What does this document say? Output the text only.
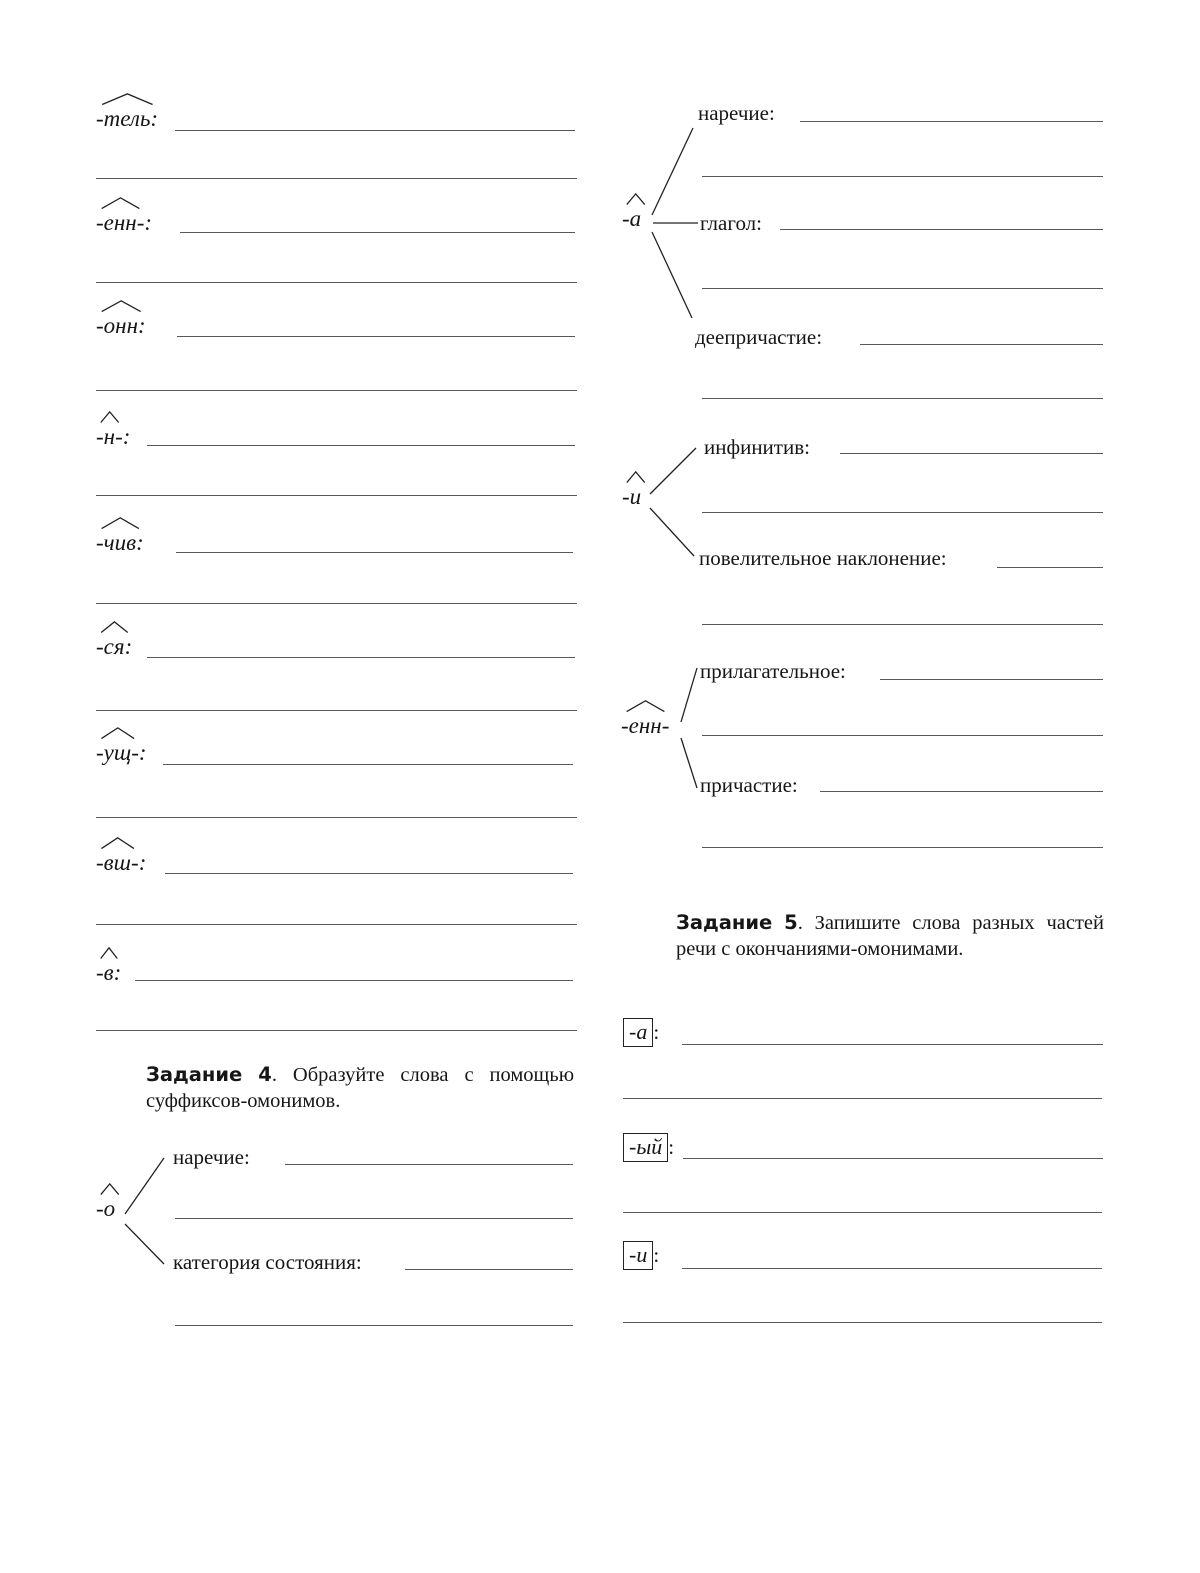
-
тель:
-
енн-:
-
онн:
-
н-:
-
чив:
-
ся:
-
ущ-:
-
вш-:
-
в:
Задание 4. Образуйте слова с помощью
суффиксов-омонимов.
-
о
наречие:
категория состояния:
-
а
наречие:
глагол:
деепричастие:
-
и
инфинитив:
повелительное наклонение:
-
енн-
прилагательное:
причастие:
Задание 5. Запишите слова разных частей
речи с окончаниями-омонимами.
-а :
-ый :
-и :
